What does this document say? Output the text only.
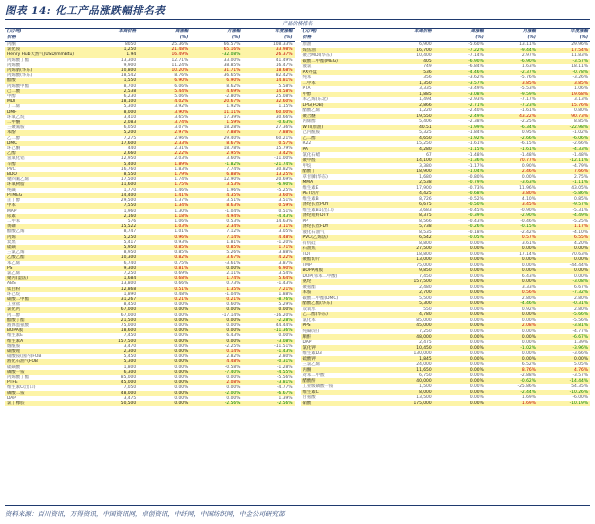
图表 14: 化工产品涨跌幅排名表
产品价格排名
(元/吨)	本周价格	周涨幅	月涨幅	年度涨幅
价格		(%)	(%)	(%)
丙酮	8050	25.36%	66.57%	108.33%
氯化铵	1,250	21.48%	65.16%	33.98%
Henry Hub天然气(USD/mmBtu)	1.94	16.49%	-32.08%	26.37%
丙烯酸丁酯	13,300	12.71%	33.00%	41.49%
丙烯酸	9,900	11.24%	38.85%	16.47%
丙烯腈(华东)	10,800	10.20%	31.71%	18.68%
丙烯酸(华东)	18,542	8.76%	36.65%	82.42%
醋酸	1,550	6.90%	6.90%	14.81%
丙烯酸甲酯	8,700	6.06%	8.62%	5.58%
己二酸	2,538	5.44%	4.69%	14.58%
甲醇	6,230	5.06%	-2.80%	25.08%
MDI	18,100	4.02%	20.67%	32.60%
丁二烯	5,300	3.92%	1.92%	1.15%
DMF	8,000	3.90%	11.11%	60.00%
环氧乙烷	3,410	3.65%	17.39%	30.66%
二甲醚	2,083	3.74%	1.59%	-0.63%
三聚氰胺	6,050	3.07%	18.28%	27.36%
苯酚	5,200	2.97%	7.88%	7.88%
乙二醇	7,275	2.96%	29.40%	60.21%
DMC	17,600	2.33%	8.67%	0.57%
环己酮	440	2.31%	18.78%	15.79%
乙醇	2,660	2.22%	2.95%	3.42%
氢氧化铝	12,950	2.03%	3.60%	-11.00%
辛醇	5,400	1.89%	-1.82%	-21.74%
PVC	16,760	1.83%	7.74%	30.82%
BDO	8,550	1.79%	6.88%	13.25%
聚四氟乙烯	17,500	1.74%	12.90%	20.69%
环氧树脂	11,600	1.75%	3.53%	-6.90%
纯碱	1,770	1.46%	1.96%	-5.25%
PTMEG	14,400	1.41%	4.35%	3.60%
正丁醇	29,500	1.37%	3.51%	3.51%
甲苯	7,550	1.34%	8.63%	0.59%
MAP	1,960	1.30%	-1.04%	0.51%
尿素	2,160	1.18%	4.94%	-4.43%
二甲苯	576	1.06%	0.53%	14.63%
黄磷	15,522	1.03%	2.34%	3.11%
醋酸乙烯	8,747	1.01%	7.12%	3.05%
丙烯	5,250	0.96%	7.14%	4.48%
炭黑	5,417	0.93%	1.81%	-1.20%
硫磺	5,950	0.85%	0.85%	1.71%
三氯乙烯	8,950	0.85%	5.26%	3.88%
乙酸乙酯	10,300	0.82%	3.67%	4.22%
苯乙烯	6,740	0.75%	-3.61%	3.87%
PS	9,300	0.81%	0.00%	6.90%
氯乙烯	7,250	0.69%	2.11%	3.54%
聚丙(湿法)	1,684	0.68%	1.74%	5.64%
ABS	13,800	0.66%	0.73%	-1.43%
钛白粉	12,868	0.51%	1.35%	7.21%
环己烷	1,890	0.48%	-1.04%	1.88%
碳酸二甲酯	31,267	0.21%	0.21%	-8.76%
工业盐	8,450	0.00%	0.60%	5.29%
氯化钙	67,000	0.00%	0.00%	0.00%
丙二醇	67,000	0.00%	-17.14%	-16.20%
醋酸丁酯	21,500	0.00%	0.00%	-2.28%
液体蛋氨酸	75,000	0.00%	0.00%	44.44%
BOPA膜	18,600	0.00%	0.00%	-11.36%
维生素E	7,450	0.00%	6.43%	0.00%
维生素A	157,500	0.00%	0.00%	-3.08%
烟酰胺	3,470	0.00%	-2.25%	-11.51%
碳酸锂	2,300	0.00%	0.14%	-1.43%
硝酸铵(国内)FOB	5,450	0.00%	2.82%	2.80%
液化石油气FOB	5,300	0.00%	4.48%	-0.31%
硫磺酸	1,800	0.00%	-0.58%	-1.28%
磷酸一铵	6,300	0.00%	-7.40%	-4.55%
丙烯酸丁酯	85,000	0.00%	0.00%	-5.56%
PTFE	45,000	0.00%	2.08%	-3.81%
维生素C(出口)	7,050	0.00%	0.00%	-4.77%
磷酸二铵	48,000	0.00%	-2.00%	-6.67%
DAP	3,475	0.00%	0.00%	1.39%
氯丁橡胶	50,500	0.00%	-2.56%	-2.56%
(元/吨)	本周价格	周涨幅	月涨幅	年度涨幅
价格		(%)	(%)	(%)
原油	6,900	-5.60%	13.11%	29.96%
煤焦油	16,700	-7.22%	-9.44%	17.54%
聚合MDI(华东)	10,400	-7.14%	2.97%	11.83%
碳酸二甲酯(MEG)	405	-6.90%	-6.90%	-3.57%
液氯	749	-6.84%	1.63%	18.11%
PX外盘	536	-4.46%	-2.37%	-0.78%
纯苯	356	-3.62%	-5.76%	-3.26%
二甲苯	1,350	-3.57%	3.85%	3.85%
PTA	3,335	-3.49%	-5.53%	1.06%
甲醇	1,885	-3.08%	-9.59%	19.68%
苯乙烯(东北)	1,494	-2.93%	-7.17%	3.13%
LPG(FOB)	2,866	-2.71%	-7.23%	15.76%
醋酸乙烯	1,220	-2.40%	-1.61%	0.80%
聚合醚	19,550	-2.49%	43.22%	90.73%
丙烯醇	5,406	-2.38%	-2.25%	8.85%
WTI(原油)	40.51	-1.99%	-6.34%	-22.98%
己内酰胺	5,325	-1.84%	0.95%	-1.02%
乙二醇	4,650	-1.92%	-2.66%	-6.06%
R22	15,250	-1.61%	-6.15%	-2.66%
PA	4,280	-1.15%	-1.61%	-4.33%
氯化石蜡	67	-1.48%	-1.48%	-1.48%
聚甲醛	14,100	-1.36%	70.77%	-12.11%
甲烷	3,380	-1.17%	0.90%	-4.79%
醋酸丁	18,900	-1.04%	2.46%	7.66%
草甘膦(华东)	1,680	-0.80%	0.00%	2.75%
MMA	2,538	-0.79%	-3.63%	-1.11%
维生素E	17,900	-0.73%	11.96%	43.05%
PET切片	4,425	-0.68%	3.80%	-5.86%
维生素B	8,726	-0.52%	4.10%	0.85%
涤纶长丝POY	6,675	-0.50%	3.45%	-9.57%
维生素B1(出口)	3,683	-0.45%	-0.90%	-5.31%
涤纶短纤DTY	8,375	-0.39%	-2.90%	-4.49%
PP	8,566	-0.43%	-0.46%	-5.25%
涤纶长丝FDY	5,738	-0.26%	-0.15%	1.17%
液化石油气	8,535	-0.18%	-2.42%	-4.10%
PVC(乙烯法)	6,542	-0.05%	0.57%	6.55%
有机硅	8,800	0.00%	3.61%	4.20%
石油焦	27,500	0.00%	0.00%	0.00%
TDI	18,800	0.00%	17.14%	70.63%
聚酯切片	13,000	0.00%	0.00%	0.00%
TMP	75,000	0.00%	0.00%	-44.44%
BOPP薄膜	9,850	0.00%	0.00%	0.00%
DOP(邻苯二甲酸)	7,450	0.00%	6.43%	0.00%
氨纶	157,500	0.00%	0.00%	-3.08%
聚氨酯	2,480	0.00%	3.33%	6.67%
苯胺	2,700	0.00%	0.56%	-7.32%
碳酸二甲酯(DMC)	5,500	0.00%	2.80%	2.80%
醋酸乙酯(华东)	5,300	0.00%	-4.46%	-0.31%
双氧水	550	0.00%	0.92%	2.80%
乙二醇(华东)	4,780	0.00%	0.00%	-5.66%
氯化苯	85,000	0.00%	0.00%	-5.56%
PPS	45,000	0.00%	2.08%	-3.81%
纯碱(轻)	7,250	0.00%	0.00%	-4.77%
顺酐	48,000	0.00%	0.00%	-6.67%
DAP	2,475	0.00%	0.00%	1.39%
氯化钾	10,450	0.00%	-1.02%	-3.96%
维生素D3	130,000	0.00%	0.00%	-3.66%
硫酸钾	1,845	0.00%	0.00%	0.00%
三氯乙烯	24,000	0.00%	6.52%	5.05%
丙酮	11,650	0.00%	8.76%	4.76%
对苯二甲酸	6,750	0.00%	-2.88%	-3.57%
醋酸酐	40,000	0.00%	-0.62%	-14.44%
工业级磷酸一铵	1,500	0.00%	-25.86%	54.35%
维生素C	8,000	0.00%	-2.44%	-10.26%
甘氨酸	13,500	0.00%	1.69%	-6.00%
硝酸	175,000	0.00%	1.69%	-10.19%
资料来源：百川资讯，万得资讯，中国资讯网，卓创资讯，中纤网，中国纺织网，中金公司研究部
